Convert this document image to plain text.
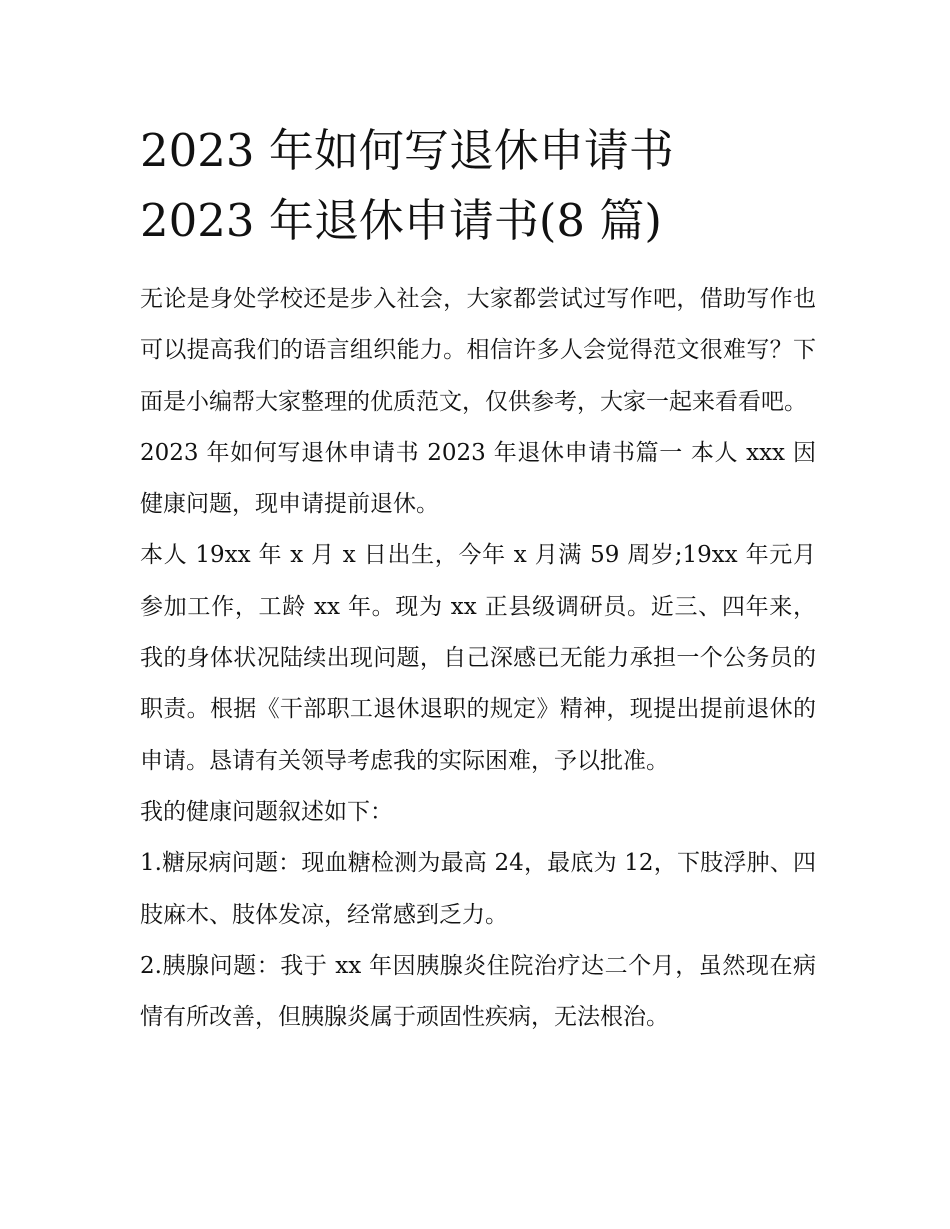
2023 年如何写退休申请书
2023 年退休申请书(8 篇)

无论是身处学校还是步入社会，大家都尝试过写作吧，借助写作也可以提高我们的语言组织能力。相信许多人会觉得范文很难写？下面是小编帮大家整理的优质范文，仅供参考，大家一起来看看吧。

2023 年如何写退休申请书 2023 年退休申请书篇一 本人 xxx 因健康问题，现申请提前退休。

本人 19xx 年 x 月 x 日出生，今年 x 月满 59 周岁;19xx 年元月参加工作，工龄 xx 年。现为 xx 正县级调研员。近三、四年来，我的身体状况陆续出现问题，自己深感已无能力承担一个公务员的职责。根据《干部职工退休退职的规定》精神，现提出提前退休的申请。恳请有关领导考虑我的实际困难，予以批准。

我的健康问题叙述如下：

1.糖尿病问题：现血糖检测为最高 24，最底为 12，下肢浮肿、四肢麻木、肢体发凉，经常感到乏力。

2.胰腺问题：我于 xx 年因胰腺炎住院治疗达二个月，虽然现在病情有所改善，但胰腺炎属于顽固性疾病，无法根治。
